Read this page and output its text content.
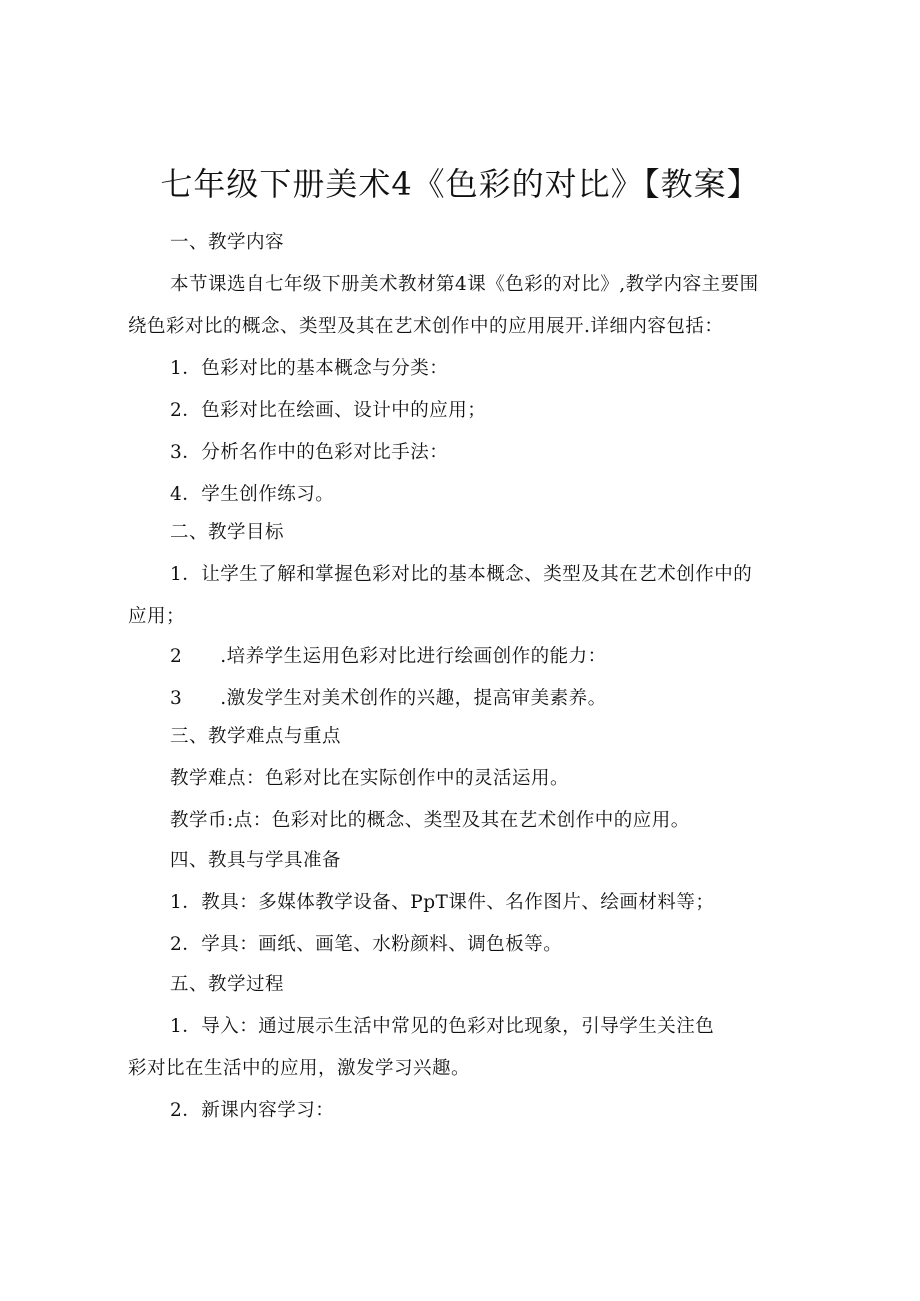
七年级下册美术4《色彩的对比》【教案】
一、教学内容
本节课选自七年级下册美术教材第4课《色彩的对比》,教学内容主要围
绕色彩对比的概念、类型及其在艺术创作中的应用展开.详细内容包括：
1．色彩对比的基本概念与分类：
2．色彩对比在绘画、设计中的应用；
3．分析名作中的色彩对比手法：
4．学生创作练习。
二、教学目标
1．让学生了解和掌握色彩对比的基本概念、类型及其在艺术创作中的
应用；
2　　.培养学生运用色彩对比进行绘画创作的能力：
3　　.激发学生对美术创作的兴趣，提高审美素养。
三、教学难点与重点
教学难点：色彩对比在实际创作中的灵活运用。
教学币:点：色彩对比的概念、类型及其在艺术创作中的应用。
四、教具与学具准备
1．教具：多媒体教学设备、PpT课件、名作图片、绘画材料等；
2．学具：画纸、画笔、水粉颜料、调色板等。
五、教学过程
1．导入：通过展示生活中常见的色彩对比现象，引导学生关注色
彩对比在生活中的应用，激发学习兴趣。
2．新课内容学习：
